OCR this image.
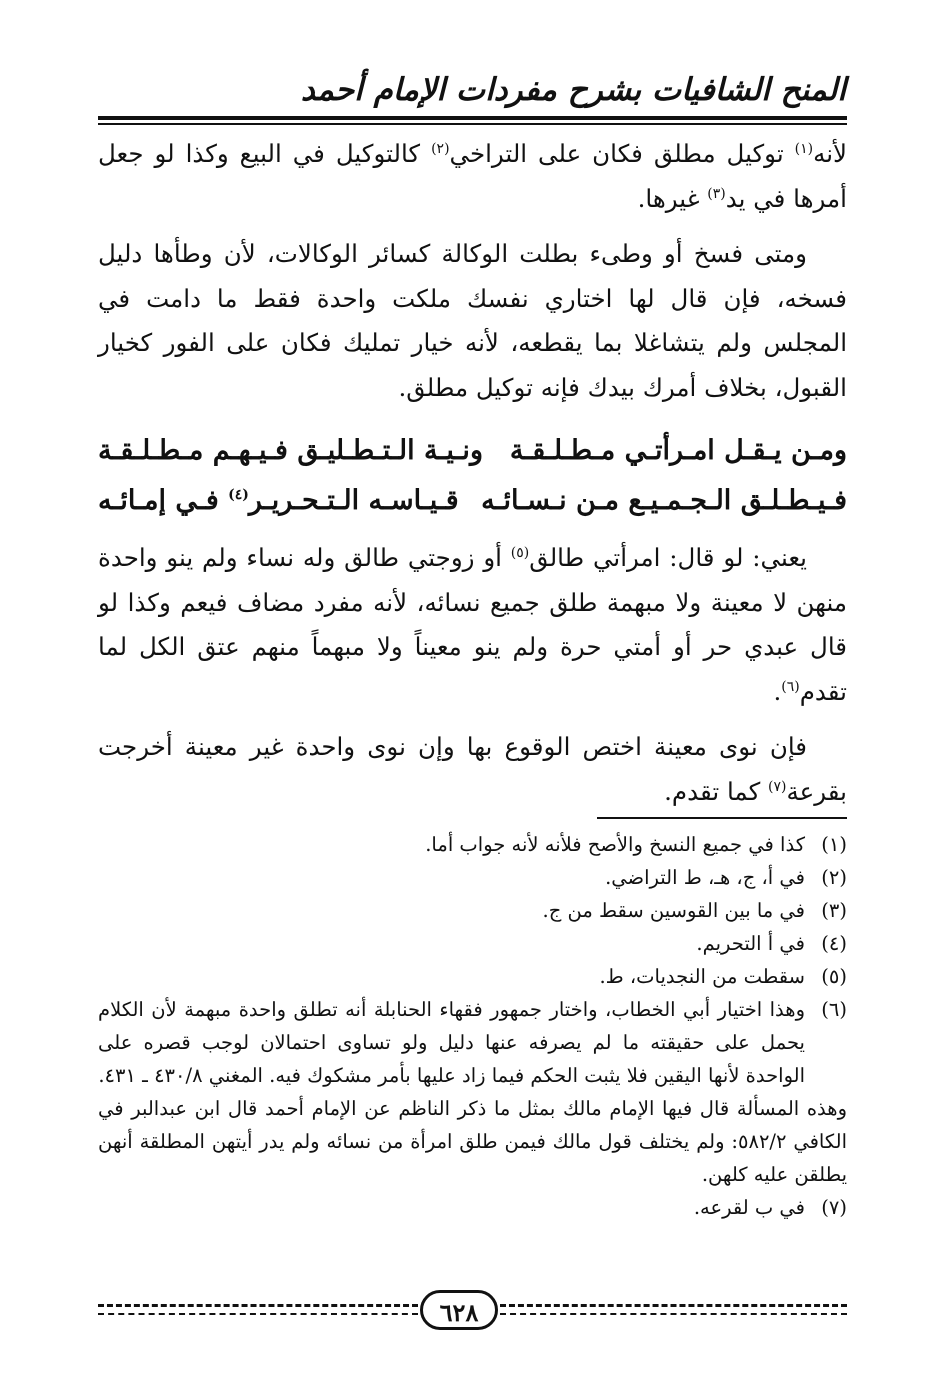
المنح الشافيات بشرح مفردات الإمام أحمد

لأنه$^{(١)}$ توكيل مطلق فكان على التراخي$^{(٢)}$ كالتوكيل في البيع وكذا لو جعل أمرها في يد$^{(٣)}$ غيرها.

ومتى فسخ أو وطىء بطلت الوكالة كسائر الوكالات، لأن وطأها دليل فسخه، فإن قال لها اختاري نفسك ملكت واحدة فقط ما دامت في المجلس ولم يتشاغلا بما يقطعه، لأنه خيار تمليك فكان على الفور كخيار القبول، بخلاف أمرك بيدك فإنه توكيل مطلق.

ومـن يـقـل امـرأتـي مـطـلـقـة
ونـيـة الـتـطـليـق فـيـهـم مـطـلـقـة
فـيـطـلـق الـجـمـيـع مـن نـسـائـه
قـيـاسـه الـتـحـريـر$^{(٤)}$ فـي إمـائـه

يعني: لو قال: امرأتي طالق$^{(٥)}$ أو زوجتي طالق وله نساء ولم ينو واحدة منهن لا معينة ولا مبهمة طلق جميع نسائه، لأنه مفرد مضاف فيعم وكذا لو قال عبدي حر أو أمتي حرة ولم ينو معيناً ولا مبهماً منهم عتق الكل لما تقدم$^{(٦)}$.

فإن نوى معينة اختص الوقوع بها وإن نوى واحدة غير معينة أخرجت بقرعة$^{(٧)}$ كما تقدم.

(١)
كذا في جميع النسخ والأصح فلأنه لأنه جواب أما.
(٢)
في أ، ج، هـ، ط التراضي.
(٣)
في ما بين القوسين سقط من ج.
(٤)
في أ التحريم.
(٥)
سقطت من النجديات، ط.
(٦)
وهذا اختيار أبي الخطاب، واختار جمهور فقهاء الحنابلة أنه تطلق واحدة مبهمة لأن الكلام يحمل على حقيقته ما لم يصرفه عنها دليل ولو تساوى احتمالان لوجب قصره على الواحدة لأنها اليقين فلا يثبت الحكم فيما زاد عليها بأمر مشكوك فيه. المغني ٤٣٠/٨ ـ ٤٣١.
وهذه المسألة قال فيها الإمام مالك بمثل ما ذكر الناظم عن الإمام أحمد قال ابن عبدالبر في الكافي ٥٨٢/٢: ولم يختلف قول مالك فيمن طلق امرأة من نسائه ولم يدر أيتهن المطلقة أنهن يطلقن عليه كلهن.
(٧)
في ب لقرعه.
٦٢٨
